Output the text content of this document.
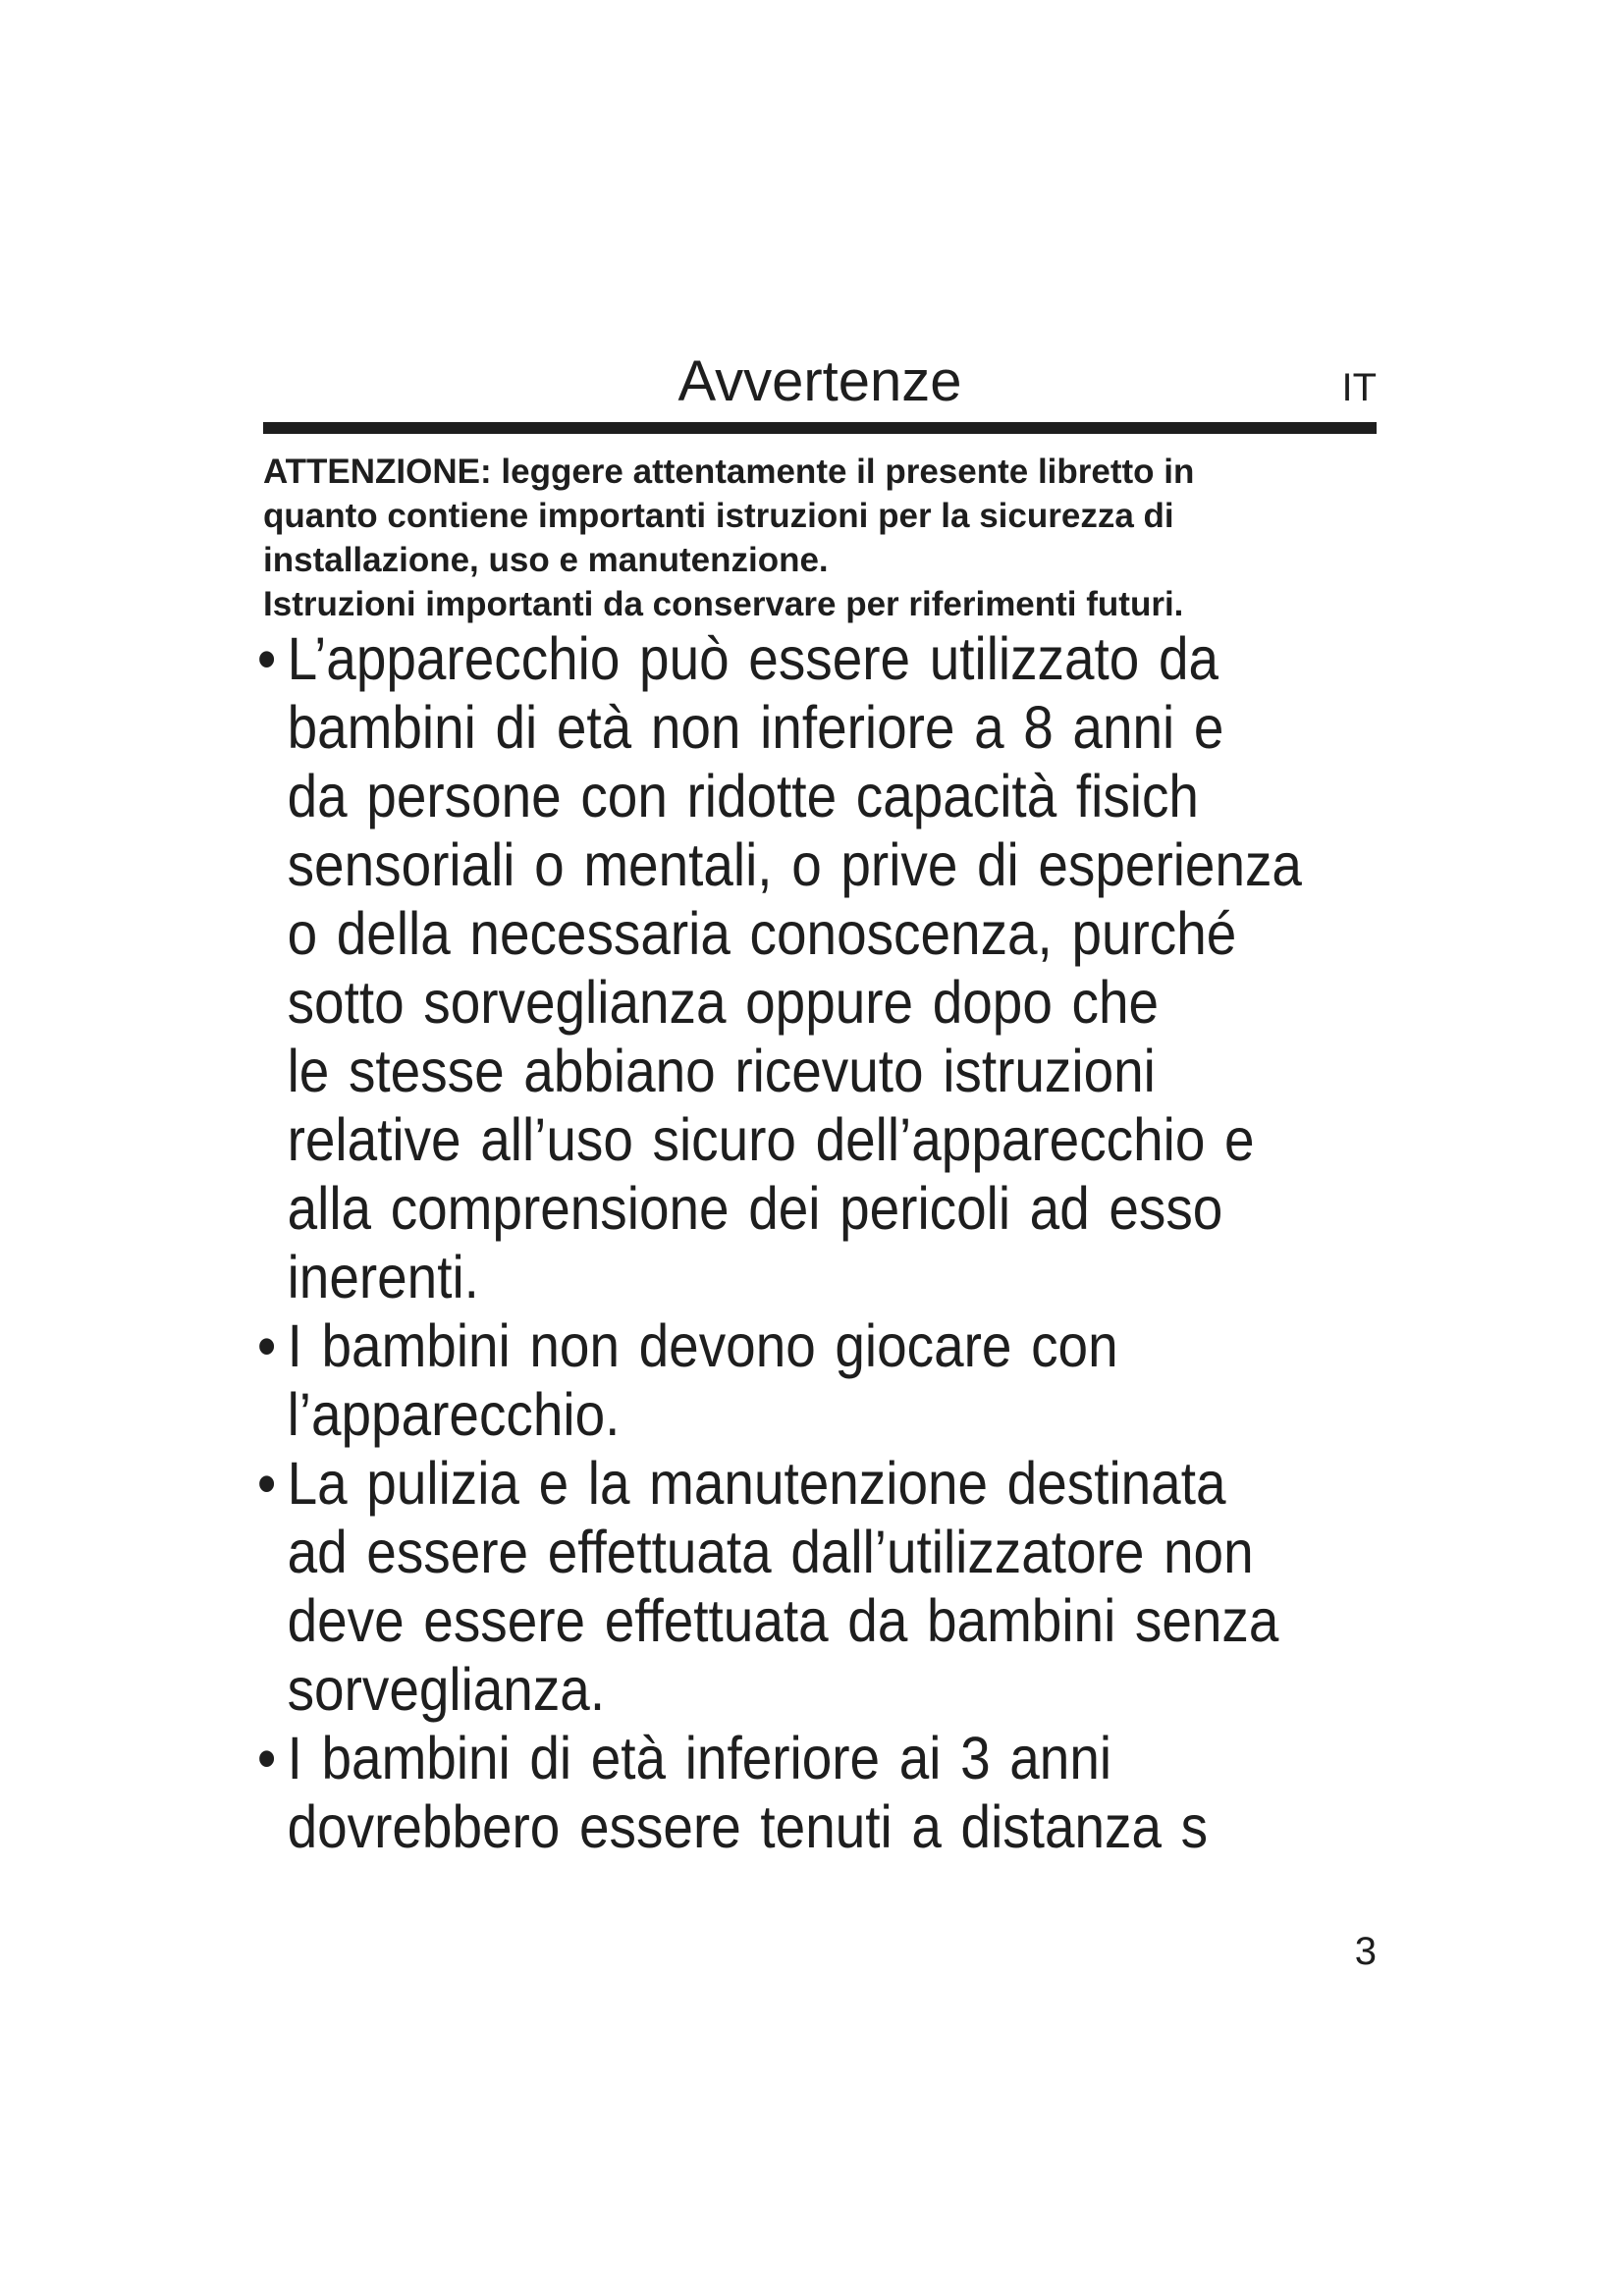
Avvertenze	IT

ATTENZIONE: leggere attentamente il presente libretto in

quanto contiene importanti istruzioni per la sicurezza di

installazione, uso e manutenzione.

Istruzioni importanti da conservare per riferimenti futuri.

• L’apparecchio può essere utilizzato da
bambini di età non inferiore a 8 anni e
da persone con ridotte capacità fisich
sensoriali o mentali, o prive di esperienza
o della necessaria conoscenza, purché
sotto sorveglianza oppure dopo che
le stesse abbiano ricevuto istruzioni
relative all’uso sicuro dell’apparecchio e
alla comprensione dei pericoli ad esso
inerenti.
• I bambini non devono giocare con
l’apparecchio.
• La pulizia e la manutenzione destinata
ad essere effettuata dall’utilizzatore non
deve essere effettuata da bambini senza
sorveglianza.
• I bambini di età inferiore ai 3 anni
dovrebbero essere tenuti a distanza s
3
